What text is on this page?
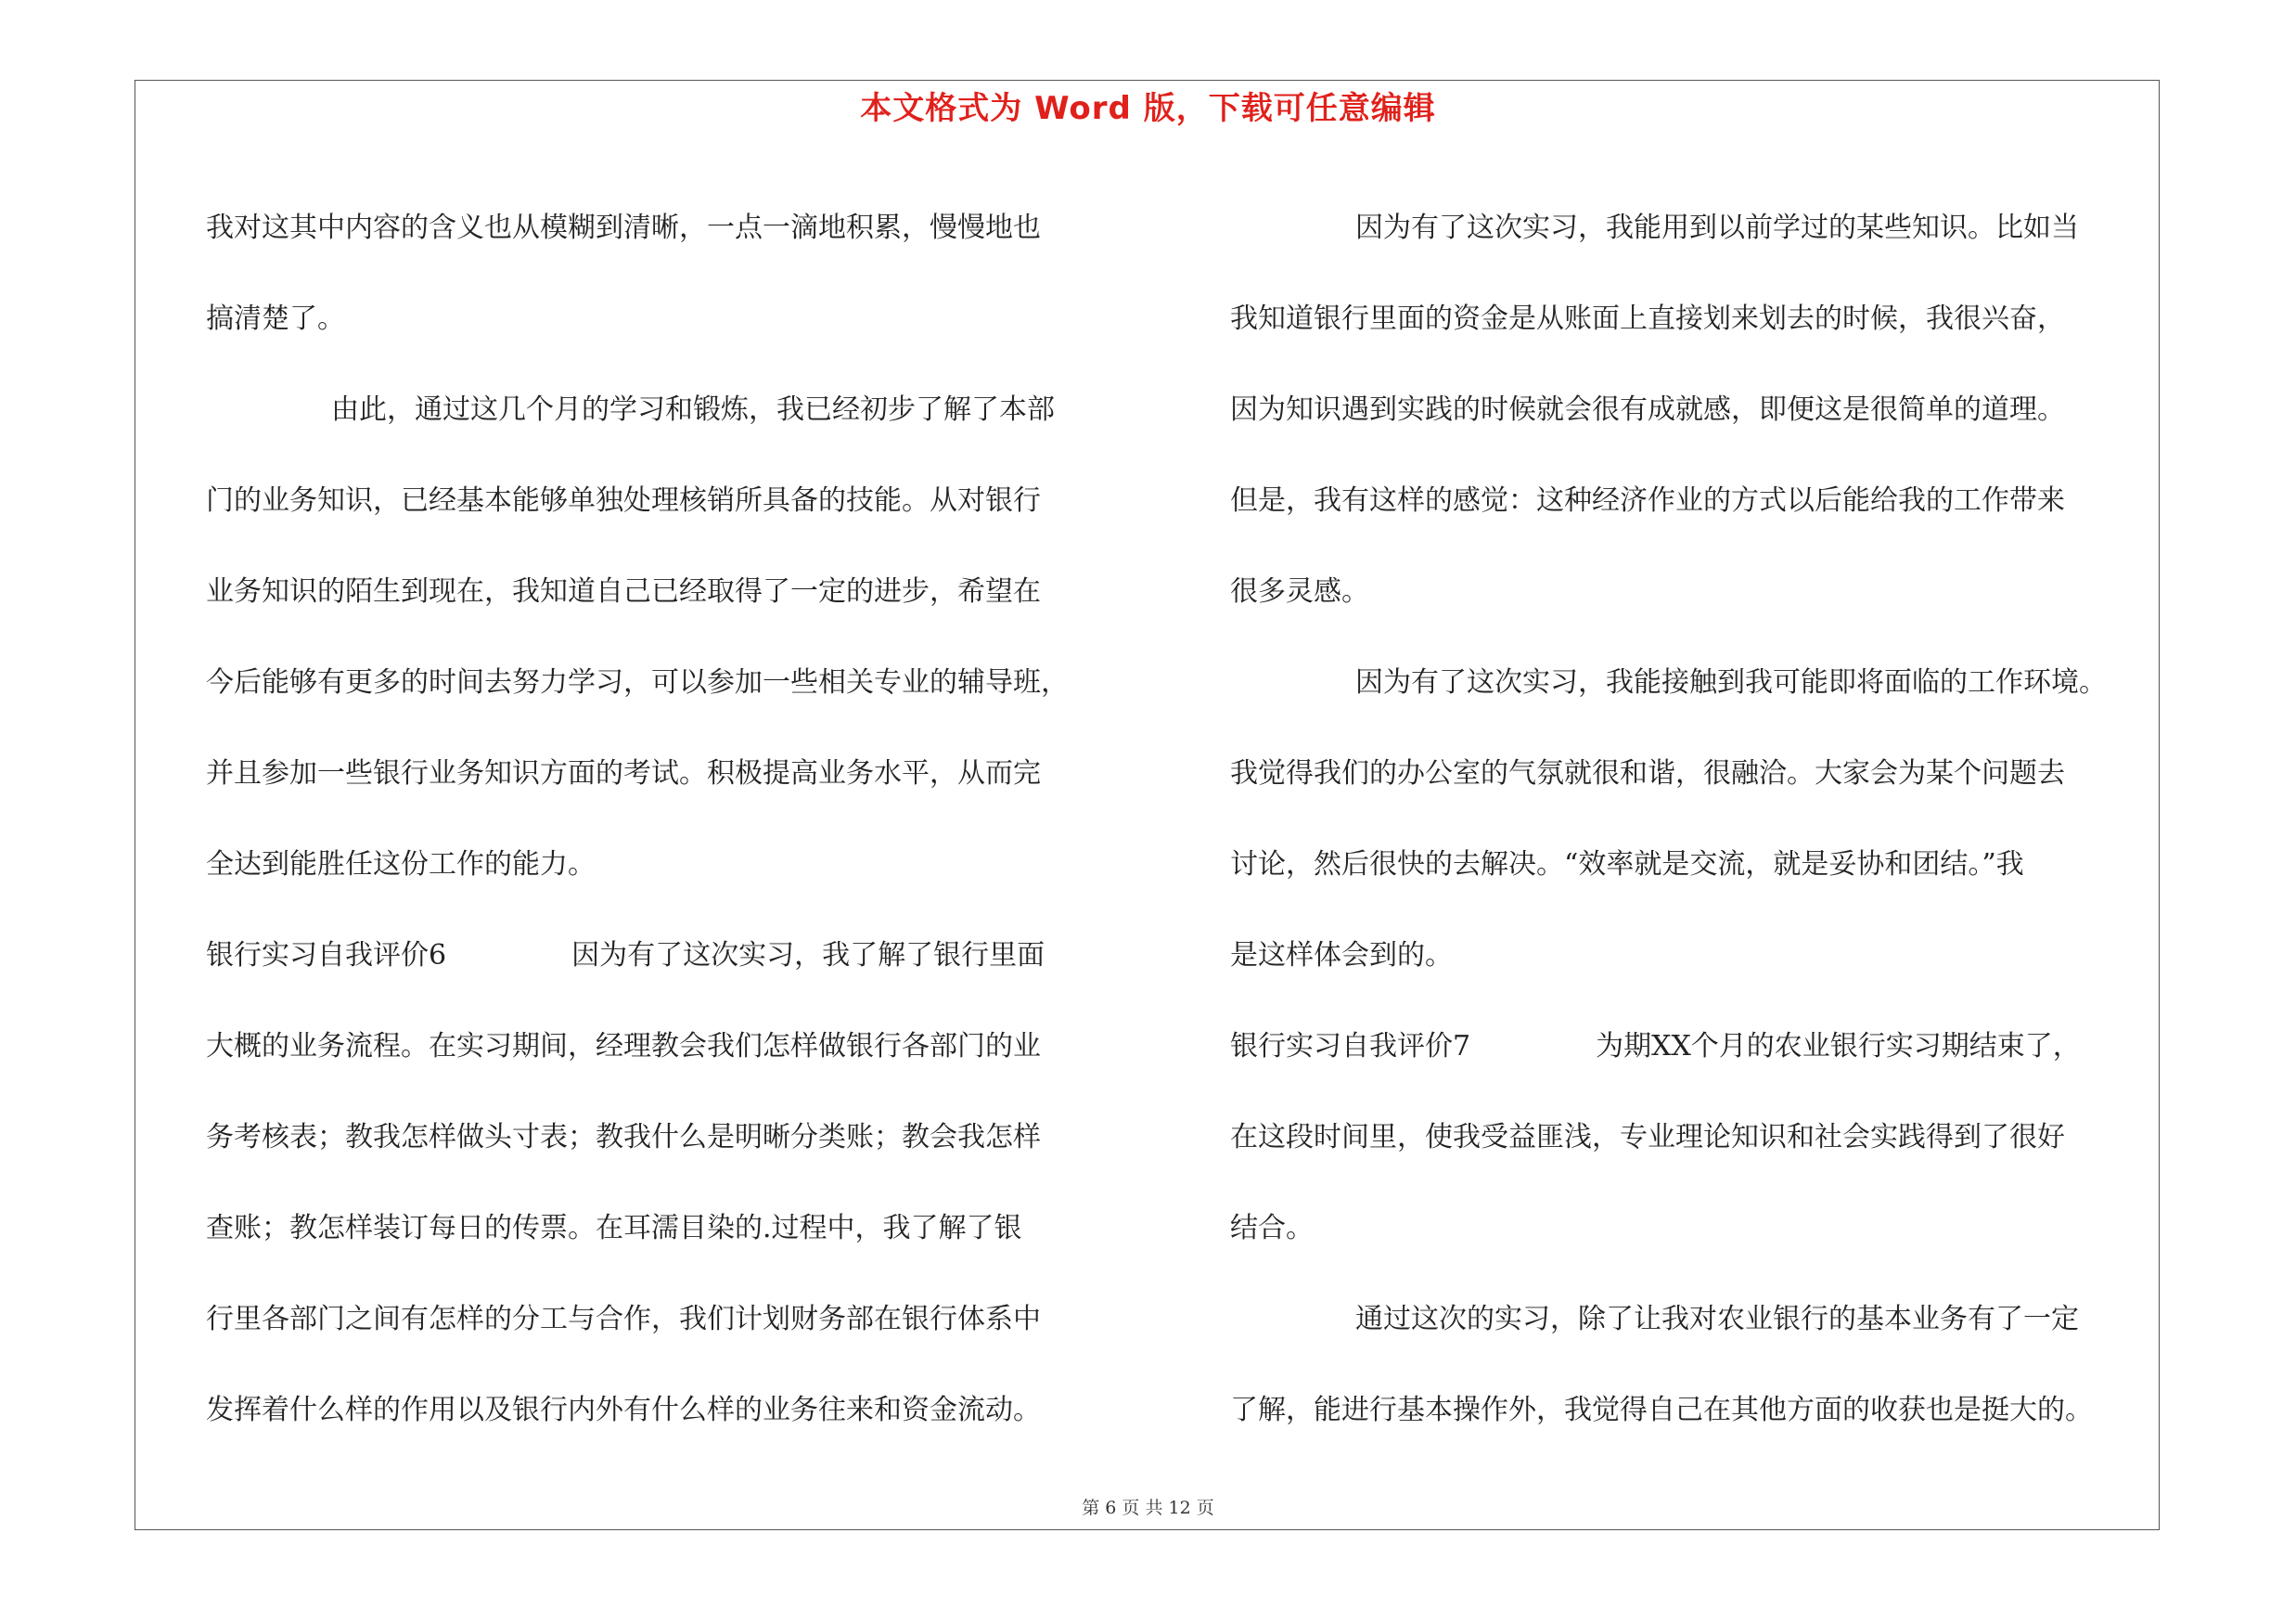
本文格式为 Word 版，下载可任意编辑
我对这其中内容的含义也从模糊到清晰，一点一滴地积累，慢慢地也
搞清楚了。
由此，通过这几个月的学习和锻炼，我已经初步了解了本部
门的业务知识，已经基本能够单独处理核销所具备的技能。从对银行
业务知识的陌生到现在，我知道自己已经取得了一定的进步，希望在
今后能够有更多的时间去努力学习，可以参加一些相关专业的辅导班，
并且参加一些银行业务知识方面的考试。积极提高业务水平，从而完
全达到能胜任这份工作的能力。
银行实习自我评价6	因为有了这次实习，我了解了银行里面
大概的业务流程。在实习期间，经理教会我们怎样做银行各部门的业
务考核表；教我怎样做头寸表；教我什么是明晰分类账；教会我怎样
查账；教怎样装订每日的传票。在耳濡目染的.过程中，我了解了银
行里各部门之间有怎样的分工与合作，我们计划财务部在银行体系中
发挥着什么样的作用以及银行内外有什么样的业务往来和资金流动。
因为有了这次实习，我能用到以前学过的某些知识。比如当
我知道银行里面的资金是从账面上直接划来划去的时候，我很兴奋，
因为知识遇到实践的时候就会很有成就感，即便这是很简单的道理。
但是，我有这样的感觉：这种经济作业的方式以后能给我的工作带来
很多灵感。
因为有了这次实习，我能接触到我可能即将面临的工作环境。
我觉得我们的办公室的气氛就很和谐，很融洽。大家会为某个问题去
讨论，然后很快的去解决。“效率就是交流，就是妥协和团结。”我
是这样体会到的。
银行实习自我评价7	为期XX个月的农业银行实习期结束了，
在这段时间里，使我受益匪浅，专业理论知识和社会实践得到了很好
结合。
通过这次的实习，除了让我对农业银行的基本业务有了一定
了解，能进行基本操作外，我觉得自己在其他方面的收获也是挺大的。
第 6 页 共 12 页
